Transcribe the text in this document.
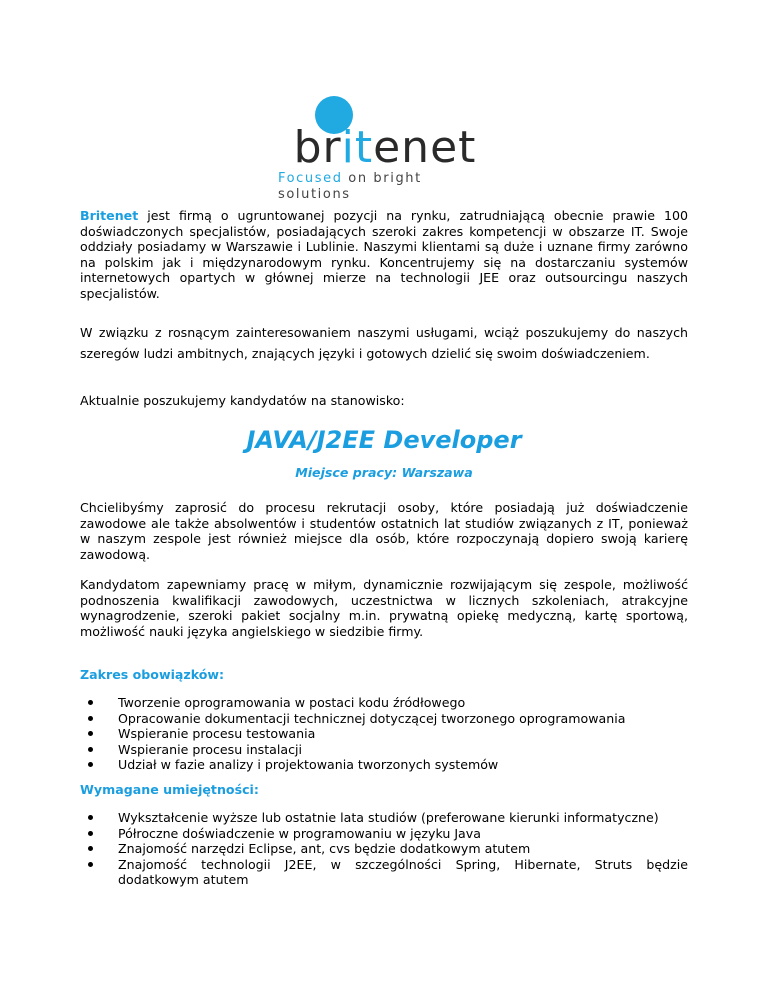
britenet
Focused on bright solutions

Britenet jest firmą o ugruntowanej pozycji na rynku, zatrudniającą obecnie prawie 100 doświadczonych specjalistów, posiadających szeroki zakres kompetencji w obszarze IT. Swoje oddziały posiadamy w Warszawie i Lublinie. Naszymi klientami są duże i uznane firmy zarówno na polskim jak i międzynarodowym rynku. Koncentrujemy się na dostarczaniu systemów internetowych opartych w głównej mierze na technologii JEE oraz outsourcingu naszych specjalistów.

W związku z rosnącym zainteresowaniem naszymi usługami, wciąż poszukujemy do naszych szeregów ludzi ambitnych, znających języki i gotowych dzielić się swoim doświadczeniem.

Aktualnie poszukujemy kandydatów na stanowisko:

JAVA/J2EE Developer
Miejsce pracy: Warszawa

Chcielibyśmy zaprosić do procesu rekrutacji osoby, które posiadają już doświadczenie zawodowe ale także absolwentów i studentów ostatnich lat studiów związanych z IT, ponieważ w naszym zespole jest również miejsce dla osób, które rozpoczynają dopiero swoją karierę zawodową.

Kandydatom zapewniamy pracę w miłym, dynamicznie rozwijającym się zespole, możliwość podnoszenia kwalifikacji zawodowych, uczestnictwa w licznych szkoleniach, atrakcyjne wynagrodzenie, szeroki pakiet socjalny m.in. prywatną opiekę medyczną, kartę sportową, możliwość nauki języka angielskiego w siedzibie firmy.

Zakres obowiązków:
Tworzenie oprogramowania w postaci kodu źródłowego
Opracowanie dokumentacji technicznej dotyczącej tworzonego oprogramowania
Wspieranie procesu testowania
Wspieranie procesu instalacji
Udział w fazie analizy i projektowania tworzonych systemów
Wymagane umiejętności:
Wykształcenie wyższe lub ostatnie lata studiów (preferowane kierunki informatyczne)
Półroczne doświadczenie w programowaniu w języku Java
Znajomość narzędzi Eclipse, ant, cvs będzie dodatkowym atutem
Znajomość technologii J2EE, w szczególności Spring, Hibernate, Struts będzie dodatkowym atutem
